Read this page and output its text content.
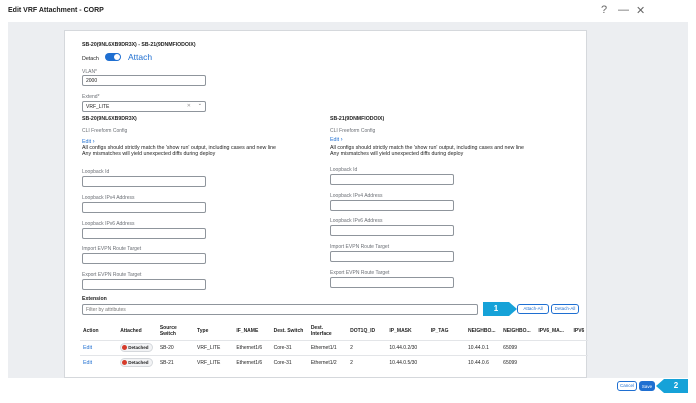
Edit VRF Attachment - CORP	? — ✕
SB-20(9NL6XB9DR3X) - SB-21(9DNMFIODOIX)
Detach	Attach
VLAN*
2000
Extend*
VRF_LITE	✕ ⌄
SB-20(9NL6XB9DR3X)
CLI Freeform Config
Edit ›
All configs should strictly match the 'show run' output, including cases and new line
Any mismatches will yield unexpected diffs during deploy
Loopback Id
Loopback IPv4 Address
Loopback IPv6 Address
Import EVPN Route Target
Export EVPN Route Target
SB-21(9DNMFIODOIX)
CLI Freeform Config
Edit ›
All configs should strictly match the 'show run' output, including cases and new line
Any mismatches will yield unexpected diffs during deploy
Loopback Id
Loopback IPv4 Address
Loopback IPv6 Address
Import EVPN Route Target
Export EVPN Route Target
Extension
Filter by attributes	Attach-All	Detach-All
Action	Attached	Source Switch	Type	IF_NAME	Dest. Switch	Dest. Interface	DOT1Q_ID	IP_MASK	IP_TAG	NEIGHBO...	NEIGHBO...	IPV6_MA...	IPV6
Edit	Detached	SB-20	VRF_LITE	Ethernet1/6	Core-31	Ethernet1/1	2	10.44.0.2/30		10.44.0.1	65099		
Edit	Detached	SB-21	VRF_LITE	Ethernet1/6	Core-31	Ethernet1/2	2	10.44.0.5/30		10.44.0.6	65099		
1
Cancel	Save	2
